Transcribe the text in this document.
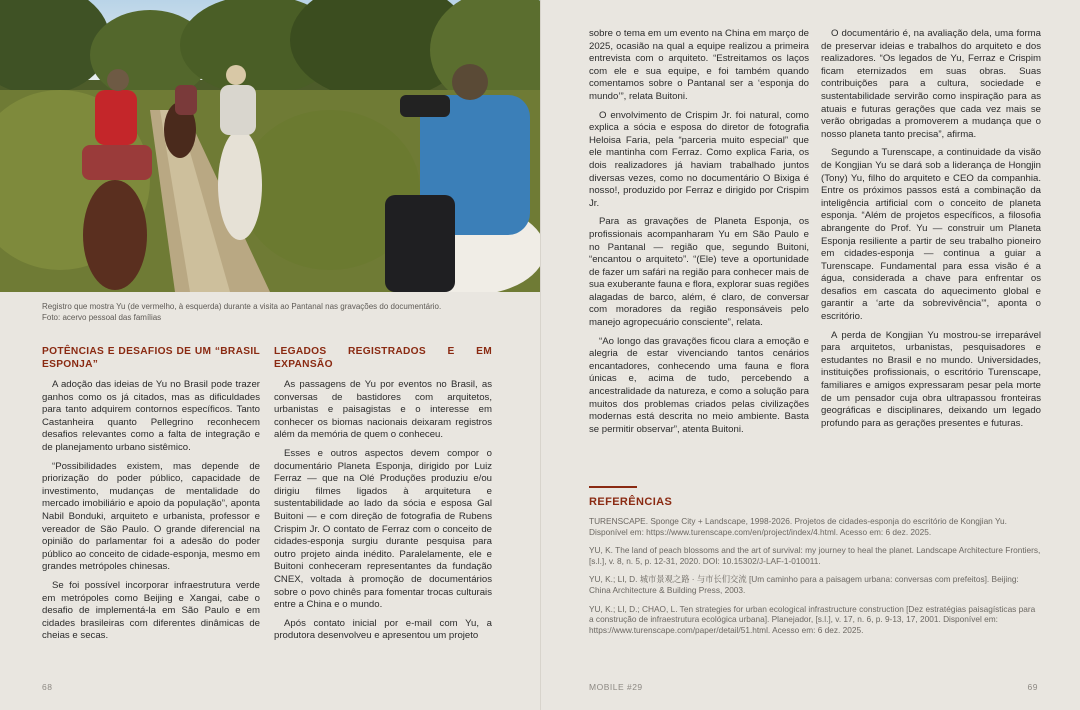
Registro que mostra Yu (de vermelho, à esquerda) durante a visita ao Pantanal nas gravações do documentário.
Foto: acervo pessoal das famílias
POTÊNCIAS E DESAFIOS DE UM “BRASIL ESPONJA”

A adoção das ideias de Yu no Brasil pode trazer ganhos como os já citados, mas as dificuldades para tanto adquirem contornos específicos. Tanto Castanheira quanto Pellegrino reconhecem desafios relevantes como a falta de integração e de planejamento urbano sistêmico.

“Possibilidades existem, mas depende de priorização do poder público, capacidade de investimento, mudanças de mentalidade do mercado imobiliário e apoio da população”, aponta Nabil Bonduki, arquiteto e urbanista, professor e vereador de São Paulo. O grande diferencial na opinião do parlamentar foi a adesão do poder público ao conceito de cidade-esponja, mesmo em grandes metrópoles chinesas.

Se foi possível incorporar infraestrutura verde em metrópoles como Beijing e Xangai, cabe o desafio de implementá-la em São Paulo e em cidades brasileiras com diferentes dinâmicas de cheias e secas.

LEGADOS REGISTRADOS E EM EXPANSÃO

As passagens de Yu por eventos no Brasil, as conversas de bastidores com arquitetos, urbanistas e paisagistas e o interesse em conhecer os biomas nacionais deixaram registros além da memória de quem o conheceu.

Esses e outros aspectos devem compor o documentário Planeta Esponja, dirigido por Luiz Ferraz — que na Olé Produções produziu e/ou dirigiu filmes ligados à arquitetura e sustentabilidade ao lado da sócia e esposa Gal Buitoni — e com direção de fotografia de Rubens Crispim Jr. O contato de Ferraz com o conceito de cidades-esponja surgiu durante pesquisa para outro projeto ainda inédito. Paralelamente, ele e Buitoni conheceram representantes da fundação CNEX, voltada à promoção de documentários sobre o povo chinês para fomentar trocas culturais entre a China e o mundo.

Após contato inicial por e-mail com Yu, a produtora desenvolveu e apresentou um projeto

68

sobre o tema em um evento na China em março de 2025, ocasião na qual a equipe realizou a primeira entrevista com o arquiteto. “Estreitamos os laços com ele e sua equipe, e foi também quando comentamos sobre o Pantanal ser a ‘esponja do mundo’”, relata Buitoni.

O envolvimento de Crispim Jr. foi natural, como explica a sócia e esposa do diretor de fotografia Heloisa Faria, pela “parceria muito especial” que ele mantinha com Ferraz. Como explica Faria, os dois realizadores já haviam trabalhado juntos diversas vezes, como no documentário O Bixiga é nosso!, produzido por Ferraz e dirigido por Crispim Jr.

Para as gravações de Planeta Esponja, os profissionais acompanharam Yu em São Paulo e no Pantanal — região que, segundo Buitoni, “encantou o arquiteto”. “(Ele) teve a oportunidade de fazer um safári na região para conhecer mais de sua exuberante fauna e flora, explorar suas regiões alagadas de barco, além, é claro, de conversar com moradores da região responsáveis pelo manejo agropecuário consciente”, relata.

“Ao longo das gravações ficou clara a emoção e alegria de estar vivenciando tantos cenários encantadores, conhecendo uma fauna e flora únicas e, acima de tudo, percebendo a ancestralidade da natureza, e como a solução para muitos dos problemas criados pelas civilizações modernas está descrita no meio ambiente. Basta se permitir observar”, atenta Buitoni.

O documentário é, na avaliação dela, uma forma de preservar ideias e trabalhos do arquiteto e dos realizadores. “Os legados de Yu, Ferraz e Crispim ficam eternizados em suas obras. Suas contribuições para a cultura, sociedade e sustentabilidade servirão como inspiração para as atuais e futuras gerações que cada vez mais se verão obrigadas a promoverem a mudança que o nosso planeta tanto precisa”, afirma.

Segundo a Turenscape, a continuidade da visão de Kongjian Yu se dará sob a liderança de Hongjin (Tony) Yu, filho do arquiteto e CEO da companhia. Entre os próximos passos está a combinação da inteligência artificial com o conceito de planeta esponja. “Além de projetos específicos, a filosofia abrangente do Prof. Yu — construir um Planeta Esponja resiliente a partir de seu trabalho pioneiro em cidades-esponja — continua a guiar a Turenscape. Fundamental para essa visão é a água, considerada a chave para enfrentar os desafios em cascata do aquecimento global e garantir a ‘arte da sobrevivência’”, aponta o escritório.

A perda de Kongjian Yu mostrou-se irreparável para arquitetos, urbanistas, pesquisadores e estudantes no Brasil e no mundo. Universidades, instituições profissionais, o escritório Turenscape, familiares e amigos expressaram pesar pela morte de um pensador cuja obra ultrapassou fronteiras geográficas e disciplinares, deixando um legado profundo para as gerações presentes e futuras.

REFERÊNCIAS

TURENSCAPE. Sponge City + Landscape, 1998-2026. Projetos de cidades-esponja do escritório de Kongjian Yu. Disponível em: https://www.turenscape.com/en/project/index/4.html. Acesso em: 6 dez. 2025.

YU, K. The land of peach blossoms and the art of survival: my journey to heal the planet. Landscape Architecture Frontiers, [s.l.], v. 8, n. 5, p. 12-31, 2020. DOI: 10.15302/J-LAF-1-010011.

YU, K.; LI, D. 城市景观之路 · 与市长们交流 [Um caminho para a paisagem urbana: conversas com prefeitos]. Beijing: China Architecture & Building Press, 2003.

YU, K.; LI, D.; CHAO, L. Ten strategies for urban ecological infrastructure construction [Dez estratégias paisagísticas para a construção de infraestrutura ecológica urbana]. Planejador, [s.l.], v. 17, n. 6, p. 9-13, 17, 2001. Disponível em: https://www.turenscape.com/paper/detail/51.html. Acesso em: 6 dez. 2025.

MOBILE #29	69
